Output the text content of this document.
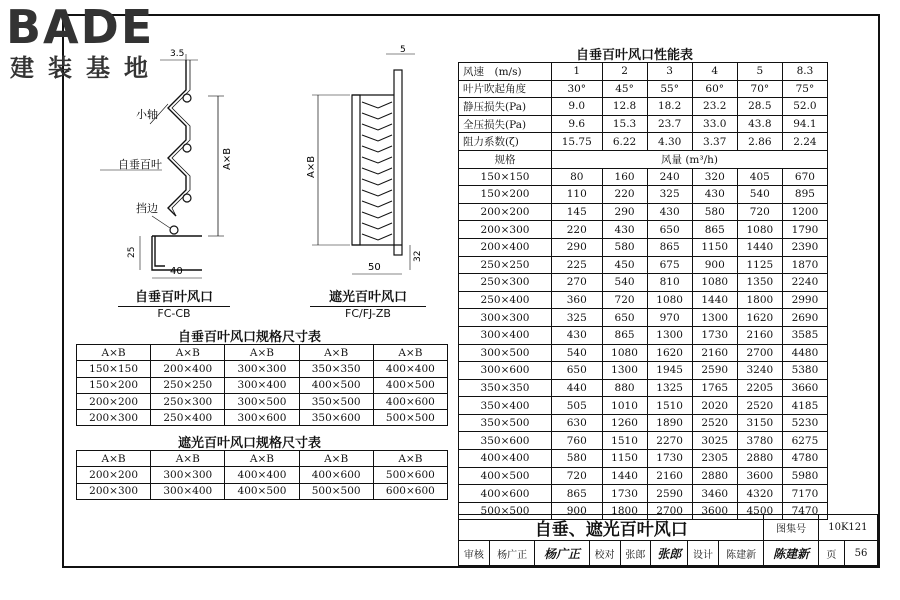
BADE
建装基地 3.5
A×B
小轴
自垂百叶
挡边
25
40
自垂百叶风口
FC-CB
5
A×B
32
50
遮光百叶风口
FC/FJ-ZB
自垂百叶风口规格尺寸表
A×B	A×B	A×B	A×B	A×B
150×150	200×400	300×300	350×350	400×400
150×200	250×250	300×400	400×500	400×500
200×200	250×300	300×500	350×500	400×600
200×300	250×400	300×600	350×600	500×500
遮光百叶风口规格尺寸表
A×B	A×B	A×B	A×B	A×B
200×200	300×300	400×400	400×600	500×600
200×300	300×400	400×500	500×500	600×600
自垂百叶风口性能表
风速　(m/s)	1	2	3	4	5	8.3
叶片吹起角度	30°	45°	55°	60°	70°	75°
静压损失(Pa)	9.0	12.8	18.2	23.2	28.5	52.0
全压损失(Pa)	9.6	15.3	23.7	33.0	43.8	94.1
阻力系数(ζ)	15.75	6.22	4.30	3.37	2.86	2.24
规格	风量 (m³/h)					
150×150	80	160	240	320	405	670
150×200	110	220	325	430	540	895
200×200	145	290	430	580	720	1200
200×300	220	430	650	865	1080	1790
200×400	290	580	865	1150	1440	2390
250×250	225	450	675	900	1125	1870
250×300	270	540	810	1080	1350	2240
250×400	360	720	1080	1440	1800	2990
300×300	325	650	970	1300	1620	2690
300×400	430	865	1300	1730	2160	3585
300×500	540	1080	1620	2160	2700	4480
300×600	650	1300	1945	2590	3240	5380
350×350	440	880	1325	1765	2205	3660
350×400	505	1010	1510	2020	2520	4185
350×500	630	1260	1890	2520	3150	5230
350×600	760	1510	2270	3025	3780	6275
400×400	580	1150	1730	2305	2880	4780
400×500	720	1440	2160	2880	3600	5980
400×600	865	1730	2590	3460	4320	7170
500×500	900	1800	2700	3600	4500	7470
自垂、遮光百叶风口								图集号	10K121	
审核	杨广正	杨广正	校对	张郎	张郎	设计	陈建新	陈建新	页	56
